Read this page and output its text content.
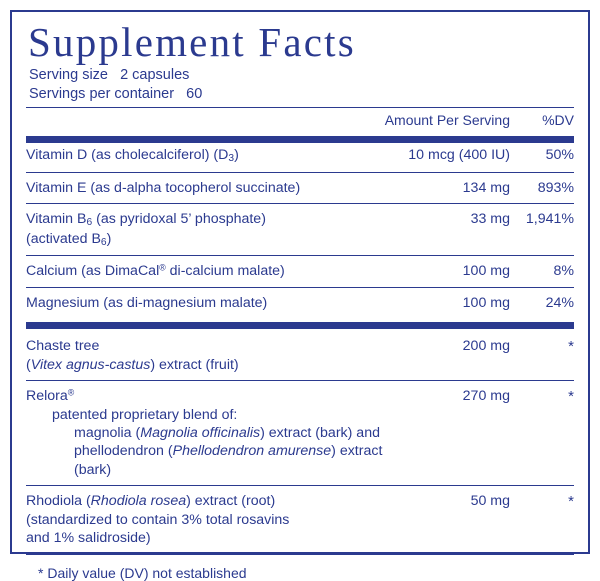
Supplement Facts
Serving size 2 capsules
Servings per container 60
	Amount Per Serving	%DV
Vitamin D (as cholecalciferol) $(D_3)$	10 mcg (400 IU)	50%

Vitamin E (as d-alpha tocopherol succinate)	134 mg	893%

Vitamin $B_6$ (as pyridoxal 5’ phosphate)
(activated $B_6$)	33 mg	1,941%

Calcium (as DimaCal® di-calcium malate)	100 mg	8%

Magnesium (as di-magnesium malate)	100 mg	24%

Chaste tree
(Vitex agnus-castus) extract (fruit)	200 mg	*

Relora®

patented proprietary blend of:
magnolia (Magnolia officinalis) extract (bark) and
phellodendron (Phellodendron amurense) extract (bark)	270 mg	*

Rhodiola (Rhodiola rosea) extract (root)
(standardized to contain 3% total rosavins
and 1% salidroside)	50 mg	*

* Daily value (DV) not established
